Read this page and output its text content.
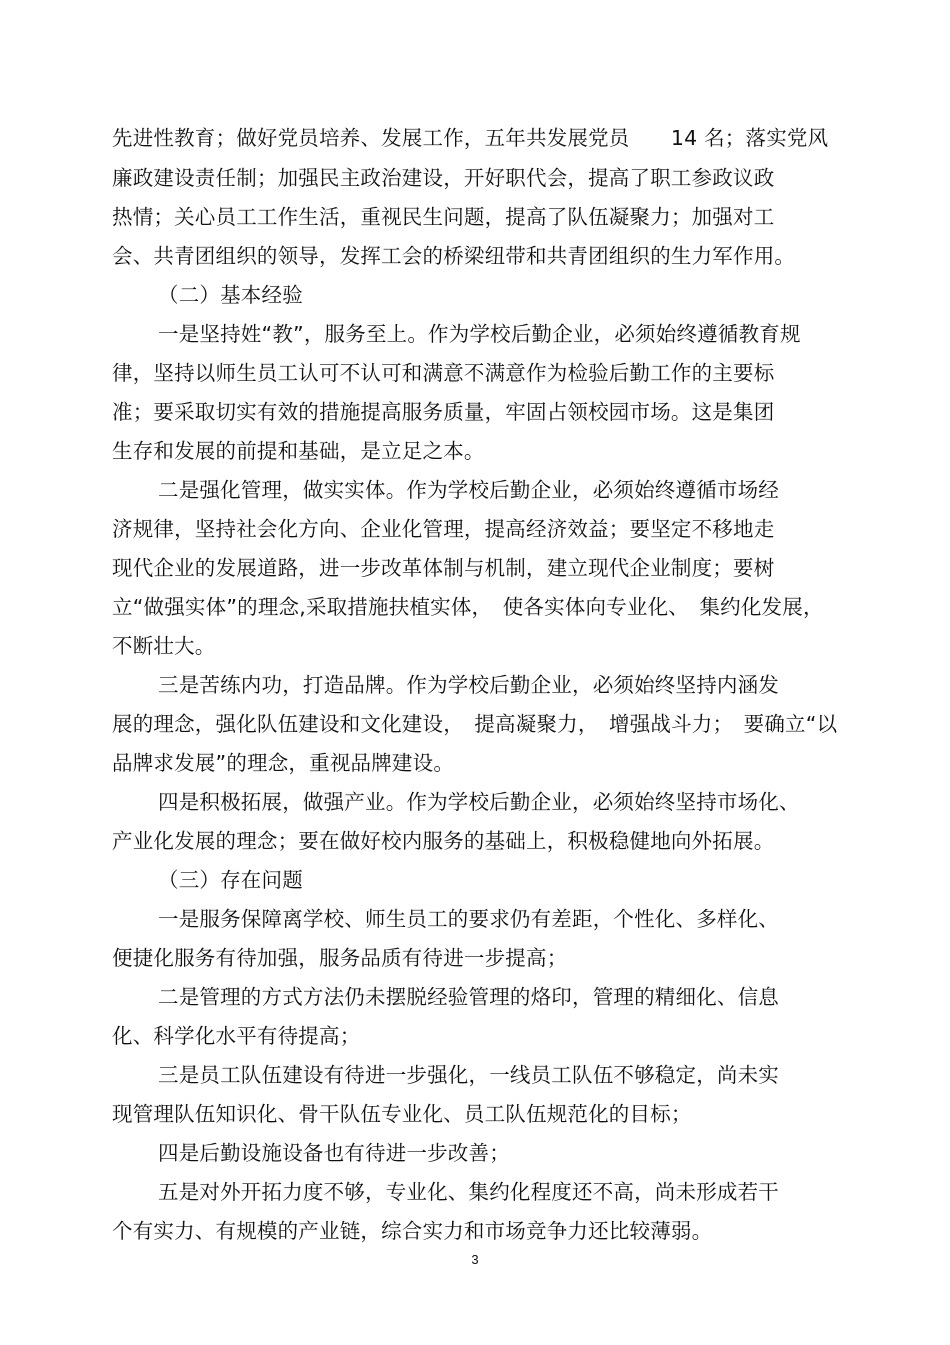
先进性教育；做好党员培养、发展工作，五年共发展党员　　14 名；落实党风
廉政建设责任制；加强民主政治建设，开好职代会，提高了职工参政议政
热情；关心员工工作生活，重视民生问题，提高了队伍凝聚力；加强对工
会、共青团组织的领导，发挥工会的桥梁纽带和共青团组织的生力军作用。
（二）基本经验
一是坚持姓“教”，服务至上。作为学校后勤企业，必须始终遵循教育规
律，坚持以师生员工认可不认可和满意不满意作为检验后勤工作的主要标
准；要采取切实有效的措施提高服务质量，牢固占领校园市场。这是集团
生存和发展的前提和基础，是立足之本。
二是强化管理，做实实体。作为学校后勤企业，必须始终遵循市场经
济规律，坚持社会化方向、企业化管理，提高经济效益；要坚定不移地走
现代企业的发展道路，进一步改革体制与机制，建立现代企业制度；要树
立“做强实体”的理念,采取措施扶植实体，　使各实体向专业化、　集约化发展，
不断壮大。
三是苦练内功，打造品牌。作为学校后勤企业，必须始终坚持内涵发
展的理念，强化队伍建设和文化建设，　提高凝聚力，　增强战斗力；　要确立“以
品牌求发展”的理念，重视品牌建设。
四是积极拓展，做强产业。作为学校后勤企业，必须始终坚持市场化、
产业化发展的理念；要在做好校内服务的基础上，积极稳健地向外拓展。
（三）存在问题
一是服务保障离学校、师生员工的要求仍有差距，个性化、多样化、
便捷化服务有待加强，服务品质有待进一步提高；
二是管理的方式方法仍未摆脱经验管理的烙印，管理的精细化、信息
化、科学化水平有待提高；
三是员工队伍建设有待进一步强化，一线员工队伍不够稳定，尚未实
现管理队伍知识化、骨干队伍专业化、员工队伍规范化的目标；
四是后勤设施设备也有待进一步改善；
五是对外开拓力度不够，专业化、集约化程度还不高，尚未形成若干
个有实力、有规模的产业链，综合实力和市场竞争力还比较薄弱。
3
